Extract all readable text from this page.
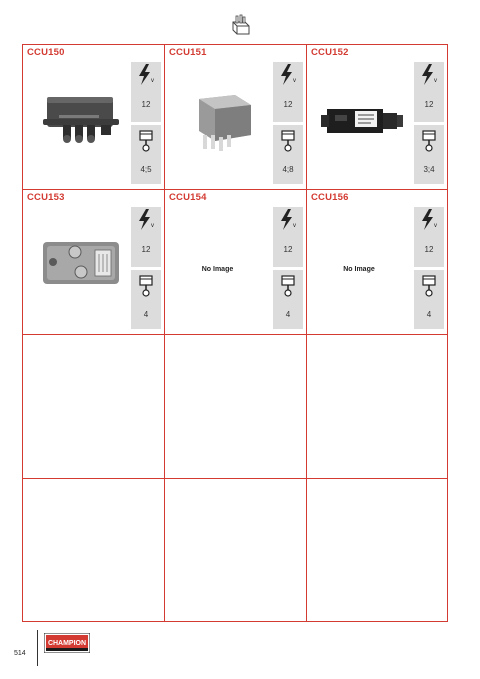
CCU150
v
12
4;5
CCU151
v
12
4;8
CCU152
v
12
3;4
CCU153
v
12
4
CCU154
No Image
v
12
4
CCU156
No Image
v
12
4
514
CHAMPION
